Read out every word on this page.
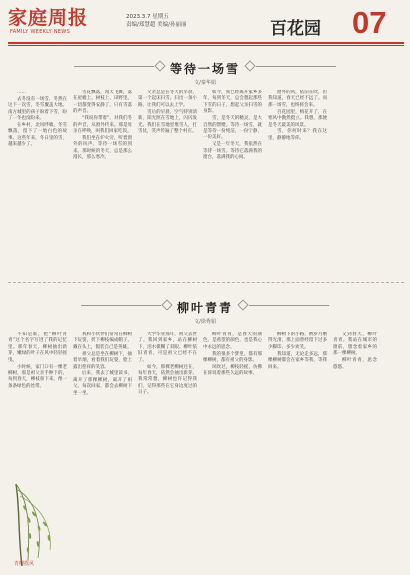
家庭周报
FAMILY WEEKLY NEWS
2023.3.7 星期五
责编/郑慧超 美编/孙丽丽	百花园 07
等待一场雪
文/秦华娟

……

去冬没有一场雪，冬然在这下一次雪，冬雪覆盖大地。南方城里的孩子盼着下雪，盼了一冬也没盼来。

在乡村，北风呼啸，冬雪飘落，留下了一地白色的故事。这些年来，冬日里的雪，越来越少了。

雪花飘落，漫天飞舞，落在屋檐上、树枝上、田野里。一切都变得安静了，只有雪落的声音。

“我说你带着”，对我们冬的声音，从窗外传来。那是母亲在呼唤，叫我们回家吃饭。

我们坐在炉火旁，听着窗外的风声，等待一场雪的到来。那时候的冬天，总是那么漫长，那么寒冷。

父亲总是在冬天的早晨，第一个起床扫雪。扫出一条小路，让我们可以去上学。

雪后的早晨，空气特别清新，阳光照在雪地上，闪闪发光。我们在雪地里堆雪人，打雪仗，笑声传遍了整个村庄。

如今，我已经离开家乡多年，每到冬天，总会想起那些下雪的日子，想起父亲扫雪的身影。

雪，是冬天的精灵，是大自然的馈赠。等待一场雪，就是等待一份纯洁，一份宁静，一份美好。

又是一年冬天，我依然在等待一场雪。等待它落满我的窗台，落满我的心间。

窗外的风，依旧在吹，但我知道，春天已经不远了。而那一场雪，也终将会来。

百花园里，梅花开了，在寒风中傲然挺立。我想，那便是冬天最美的风景。

雪，你何时来？我在这里，静静地等你。

柳叶青青
文/徐秀娟

不知是谁，把“柳叶青青”这个名字写进了我的记忆里。那年春天，柳树抽出新芽，嫩绿的叶子在风中轻轻摇曳。

小时候，家门口有一棵老柳树，那是祖父亲手种下的。每到春天，柳枝垂下来，像一条条绿色的丝带。

我和小伙伴们常常在柳树下玩耍，折下柳枝编成帽子，戴在头上，假装自己是英雄。

祖父总是坐在柳树下，抽着旱烟，看着我们玩耍，脸上露出慈祥的笑容。

后来，我去了城里读书，离开了那棵柳树，离开了祖父。每次回家，都会去柳树下坐一坐。

大学毕业那年，祖父去世了。我回到家乡，站在柳树下，泪水模糊了双眼。柳叶依旧青青，可是祖父已经不在了。

如今，那棵老柳树还在，每年春天，依然会抽出新芽。我常常想，柳树也许记得我们，记得那些在它身边度过的日子。

柳叶青青，是春天的颜色，是希望的颜色，也是我心中永远的思念。

我的很多个梦里，都有那棵柳树，都有祖父的身影。

风吹过，柳枝轻摇，仿佛在诉说着那些久远的故事。

柳树下的小路，被岁月磨得光滑，那上面曾经留下过多少脚印，多少欢笑。

我知道，无论走多远，那棵柳树都会在家乡等我，等我回来。

又到春天，柳叶青青。我站在城市的窗前，想念着家乡的那一棵柳树。

柳叶青青，思念悠悠。

青柳摇风
